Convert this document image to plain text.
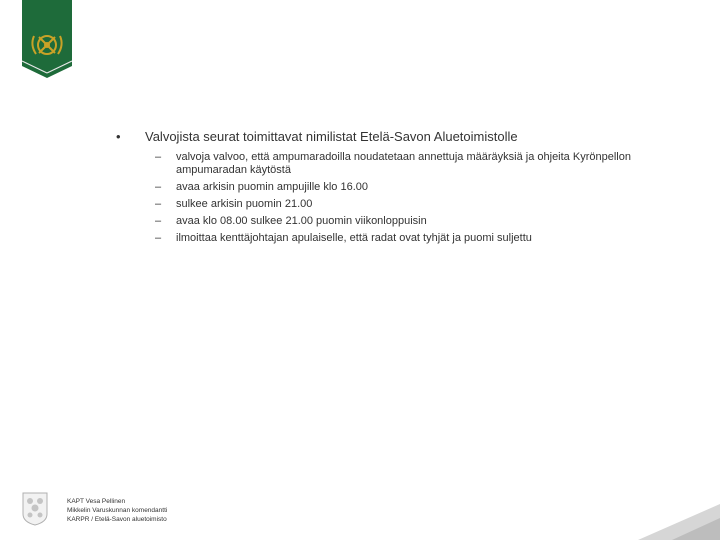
• Valvojista seurat toimittavat nimilistat Etelä-Savon Aluetoimistolle
– valvoja valvoo, että ampumaradoilla noudatetaan annettuja määräyksiä ja ohjeita Kyrönpellon ampumaradan käytöstä
– avaa arkisin puomin ampujille klo 16.00
– sulkee arkisin puomin 21.00
– avaa klo 08.00 sulkee 21.00 puomin viikonloppuisin
– ilmoittaa kenttäjohtajan apulaiselle, että radat ovat tyhjät ja puomi suljettu
KAPT Vesa Pellinen
Mikkelin Varuskunnan komendantti
KARPR / Etelä-Savon aluetoimisto
